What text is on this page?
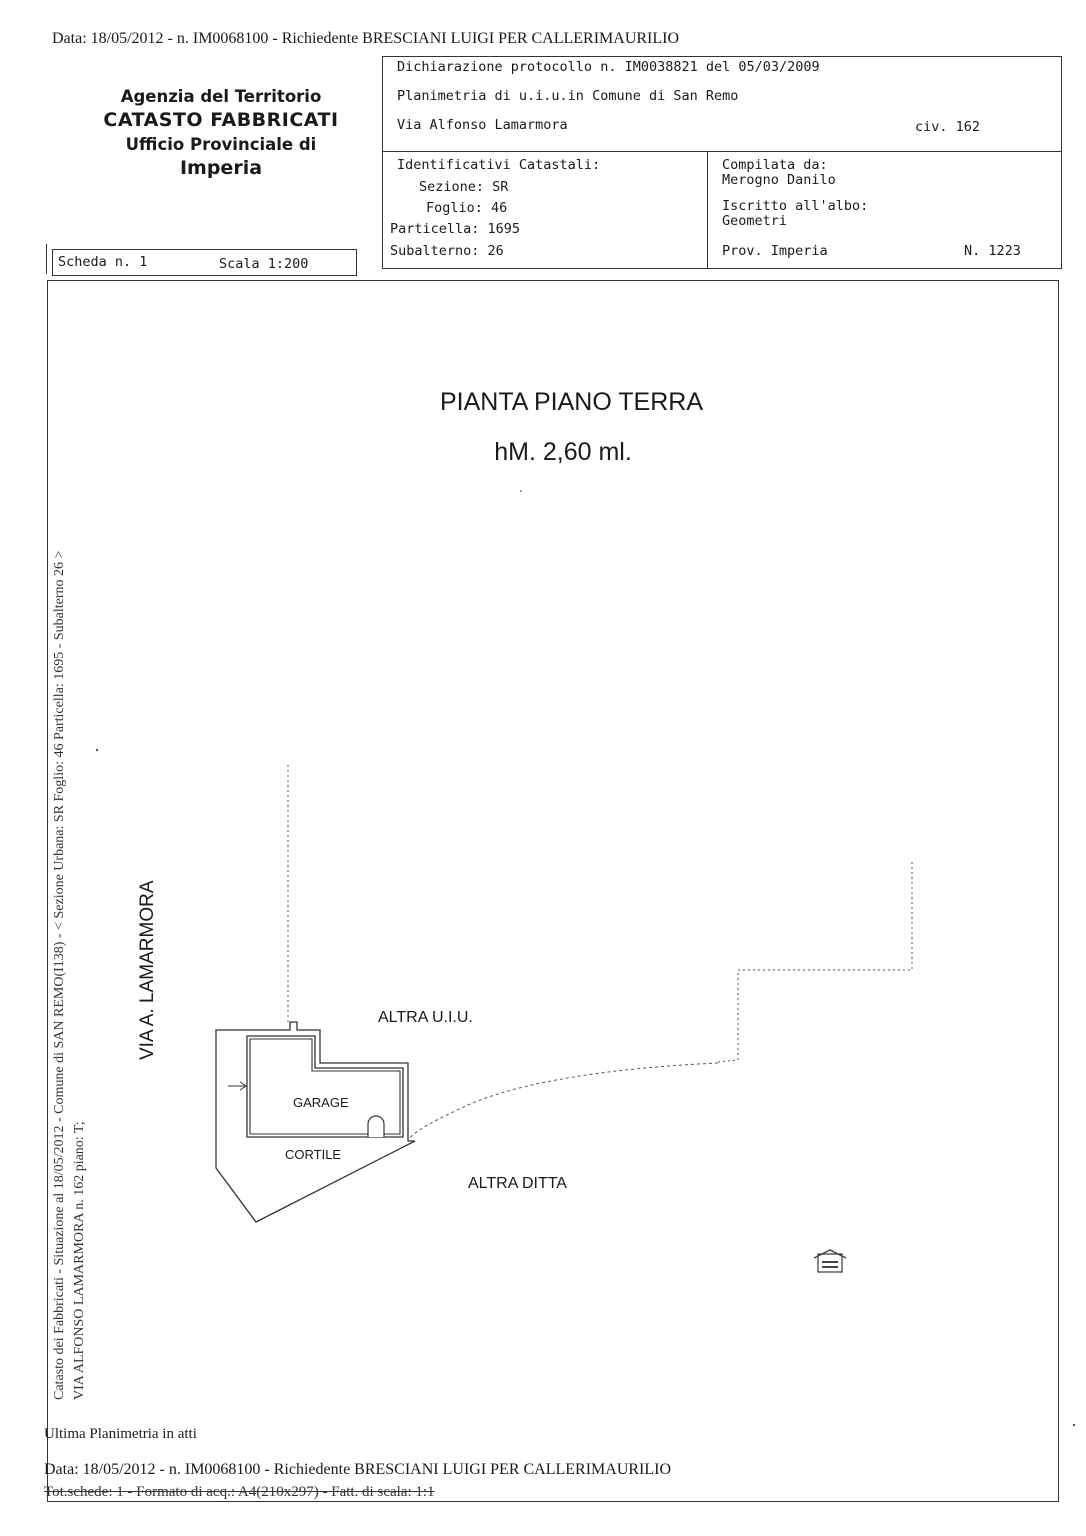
Data: 18/05/2012 - n. IM0068100 - Richiedente BRESCIANI LUIGI PER CALLERIMAURILIO
Agenzia del Territorio
CATASTO FABBRICATI
Ufficio Provinciale di
Imperia
Dichiarazione protocollo n. IM0038821 del 05/03/2009
Planimetria di u.i.u.in Comune di San Remo
Via Alfonso Lamarmora	civ. 162
Identificativi Catastali:
Sezione: SR
Foglio: 46
Particella: 1695
Subalterno: 26
Compilata da:
Merogno Danilo
Iscritto all'albo:
Geometri
Prov. Imperia	N. 1223
Scheda n. 1	Scala 1:200
PIANTA PIANO TERRA
hM. 2,60 ml.
ALTRA U.I.U.
GARAGE
CORTILE
ALTRA DITTA
VIA A. LAMARMORA
Catasto dei Fabbricati - Situazione al 18/05/2012 - Comune di SAN REMO(I138) - < Sezione Urbana: SR Foglio: 46 Particella: 1695 - Subalterno 26 > VIA ALFONSO LAMARMORA n. 162 piano: T;
Ultima Planimetria in atti
Data: 18/05/2012 - n. IM0068100 - Richiedente BRESCIANI LUIGI PER CALLERIMAURILIO
Tot.schede: 1 - Formato di acq.: A4(210x297) - Fatt. di scala: 1:1
